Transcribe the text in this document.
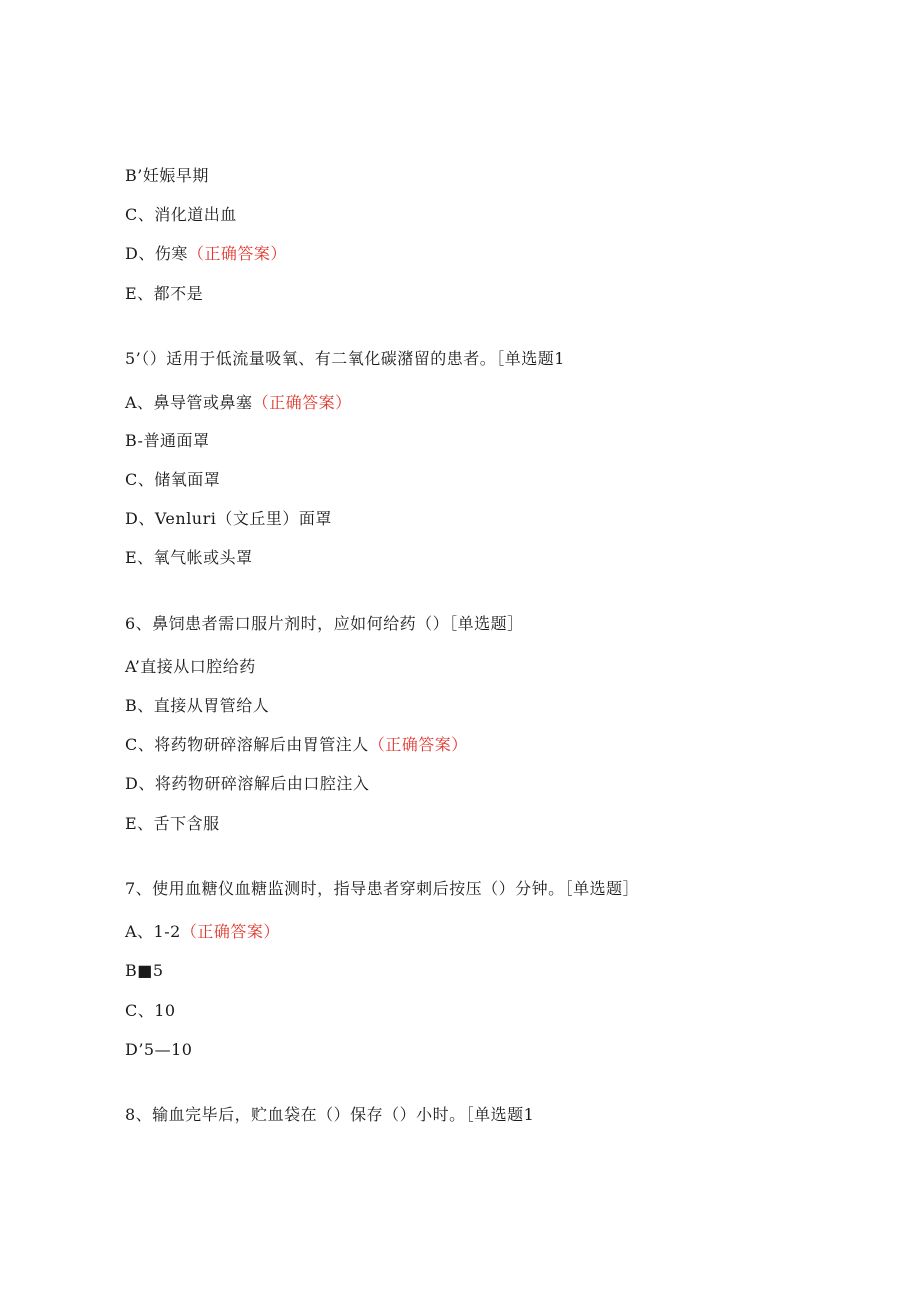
B’妊娠早期
C、消化道出血
D、伤寒（正确答案）
E、都不是
5’（）适用于低流量吸氧、有二氧化碳潴留的患者。［单选题1
A、鼻导管或鼻塞（正确答案）
B-普通面罩
C、储氧面罩
D、Venluri（文丘里）面罩
E、氧气帐或头罩
6、鼻饲患者需口服片剂时，应如何给药（）［单选题］
A’直接从口腔给药
B、直接从胃管给人
C、将药物研碎溶解后由胃管注人（正确答案）
D、将药物研碎溶解后由口腔注入
E、舌下含服
7、使用血糖仪血糖监测时，指导患者穿刺后按压（）分钟。［单选题］
A、1-2（正确答案）
B■5
C、10
D’5—10
8、输血完毕后，贮血袋在（）保存（）小时。［单选题1
